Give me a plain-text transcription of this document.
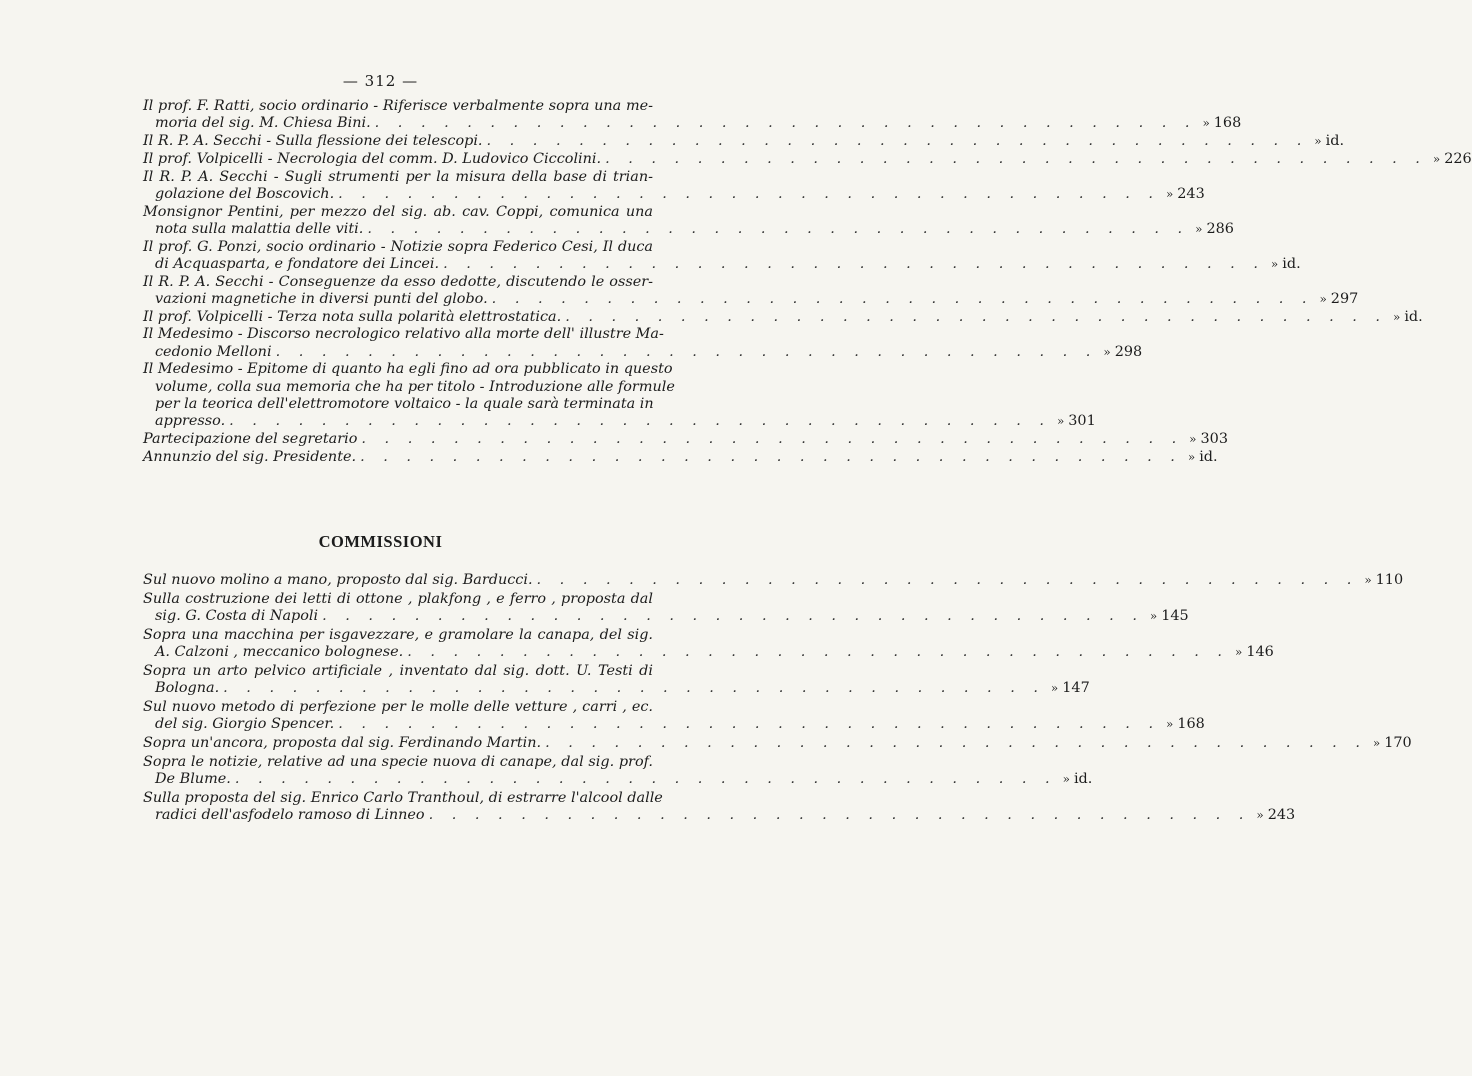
— 312 —
Il prof. F. Ratti, socio ordinario - Riferisce verbalmente sopra una me-
moria del sig. M. Chiesa Bini. . . . . . . . . . . . . . . . . . . . . . . . . . . . . . . . . . . . . » 168
Il R. P. A. Secchi - Sulla flessione dei telescopi. . . . . . . . . . . . . . . . . . . . . . . . . . . . . . . . . . . . . » id.
Il prof. Volpicelli - Necrologia del comm. D. Ludovico Ciccolini. . . . . . . . . . . . . . . . . . . . . . . . . . . . . . . . . . . . . » 226
Il R. P. A. Secchi - Sugli strumenti per la misura della base di trian-
golazione del Boscovich. . . . . . . . . . . . . . . . . . . . . . . . . . . . . . . . . . . . . » 243
Monsignor Pentini, per mezzo del sig. ab. cav. Coppi, comunica una
nota sulla malattia delle viti. . . . . . . . . . . . . . . . . . . . . . . . . . . . . . . . . . . . . » 286
Il prof. G. Ponzi, socio ordinario - Notizie sopra Federico Cesi, Il duca
di Acquasparta, e fondatore dei Lincei. . . . . . . . . . . . . . . . . . . . . . . . . . . . . . . . . . . . . » id.
Il R. P. A. Secchi - Conseguenze da esso dedotte, discutendo le osser-
vazioni magnetiche in diversi punti del globo. . . . . . . . . . . . . . . . . . . . . . . . . . . . . . . . . . . . . » 297
Il prof. Volpicelli - Terza nota sulla polarità elettrostatica. . . . . . . . . . . . . . . . . . . . . . . . . . . . . . . . . . . . . » id.
Il Medesimo - Discorso necrologico relativo alla morte dell' illustre Ma-
cedonio Melloni . . . . . . . . . . . . . . . . . . . . . . . . . . . . . . . . . . . . » 298
Il Medesimo - Epitome di quanto ha egli fino ad ora pubblicato in questo
volume, colla sua memoria che ha per titolo - Introduzione alle formule
per la teorica dell'elettromotore voltaico - la quale sarà terminata in
appresso. . . . . . . . . . . . . . . . . . . . . . . . . . . . . . . . . . . . . » 301
Partecipazione del segretario . . . . . . . . . . . . . . . . . . . . . . . . . . . . . . . . . . . . » 303
Annunzio del sig. Presidente. . . . . . . . . . . . . . . . . . . . . . . . . . . . . . . . . . . . . » id.
COMMISSIONI
Sul nuovo molino a mano, proposto dal sig. Barducci. . . . . . . . . . . . . . . . . . . . . . . . . . . . . . . . . . . . . » 110
Sulla costruzione dei letti di ottone , plakfong , e ferro , proposta dal
sig. G. Costa di Napoli . . . . . . . . . . . . . . . . . . . . . . . . . . . . . . . . . . . . » 145
Sopra una macchina per isgavezzare, e gramolare la canapa, del sig.
A. Calzoni , meccanico bolognese. . . . . . . . . . . . . . . . . . . . . . . . . . . . . . . . . . . . . » 146
Sopra un arto pelvico artificiale , inventato dal sig. dott. U. Testi di
Bologna. . . . . . . . . . . . . . . . . . . . . . . . . . . . . . . . . . . . . » 147
Sul nuovo metodo di perfezione per le molle delle vetture , carri , ec.
del sig. Giorgio Spencer. . . . . . . . . . . . . . . . . . . . . . . . . . . . . . . . . . . . . » 168
Sopra un'ancora, proposta dal sig. Ferdinando Martin. . . . . . . . . . . . . . . . . . . . . . . . . . . . . . . . . . . . . » 170
Sopra le notizie, relative ad una specie nuova di canape, dal sig. prof.
De Blume. . . . . . . . . . . . . . . . . . . . . . . . . . . . . . . . . . . . . » id.
Sulla proposta del sig. Enrico Carlo Tranthoul, di estrarre l'alcool dalle
radici dell'asfodelo ramoso di Linneo . . . . . . . . . . . . . . . . . . . . . . . . . . . . . . . . . . . . » 243
